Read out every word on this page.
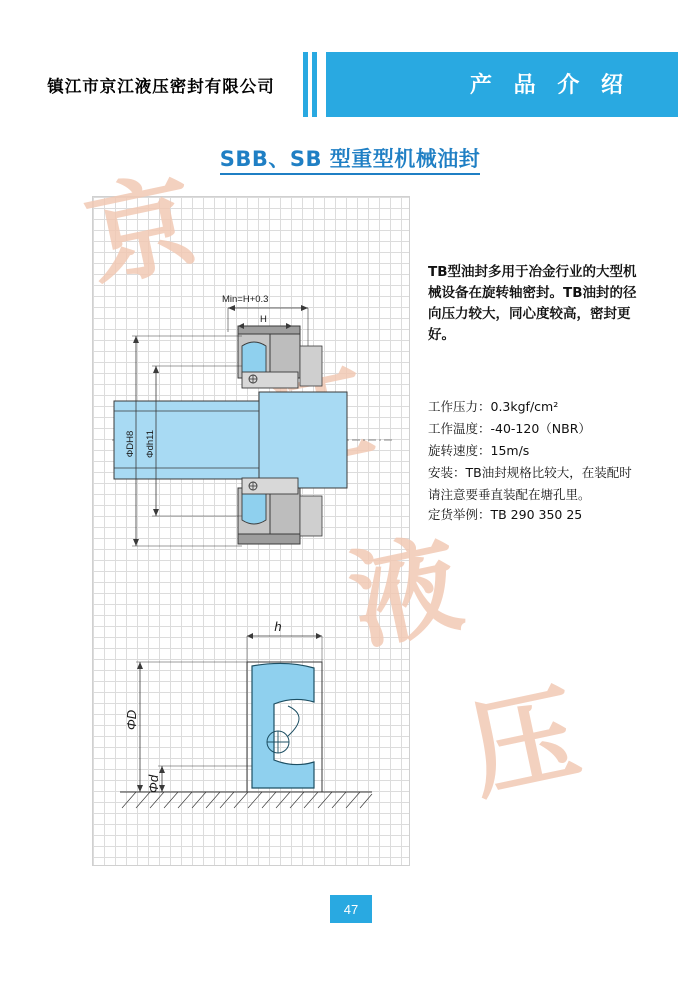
镇江市京江液压密封有限公司	产 品 介 绍
SBB、SB 型重型机械油封
京
液
压
Min=H+0.3
H
ΦDH8 Φdh11
h
ΦD
Φd
TB型油封多用于冶金行业的大型机械设备在旋转轴密封。TB油封的径向压力较大，同心度较高，密封更好。
工作压力：0.3kgf/cm²
工作温度：-40-120（NBR）
旋转速度：15m/s
安装：TB油封规格比较大，在装配时请注意要垂直装配在塘孔里。
定货举例：TB 290 350 25
47
